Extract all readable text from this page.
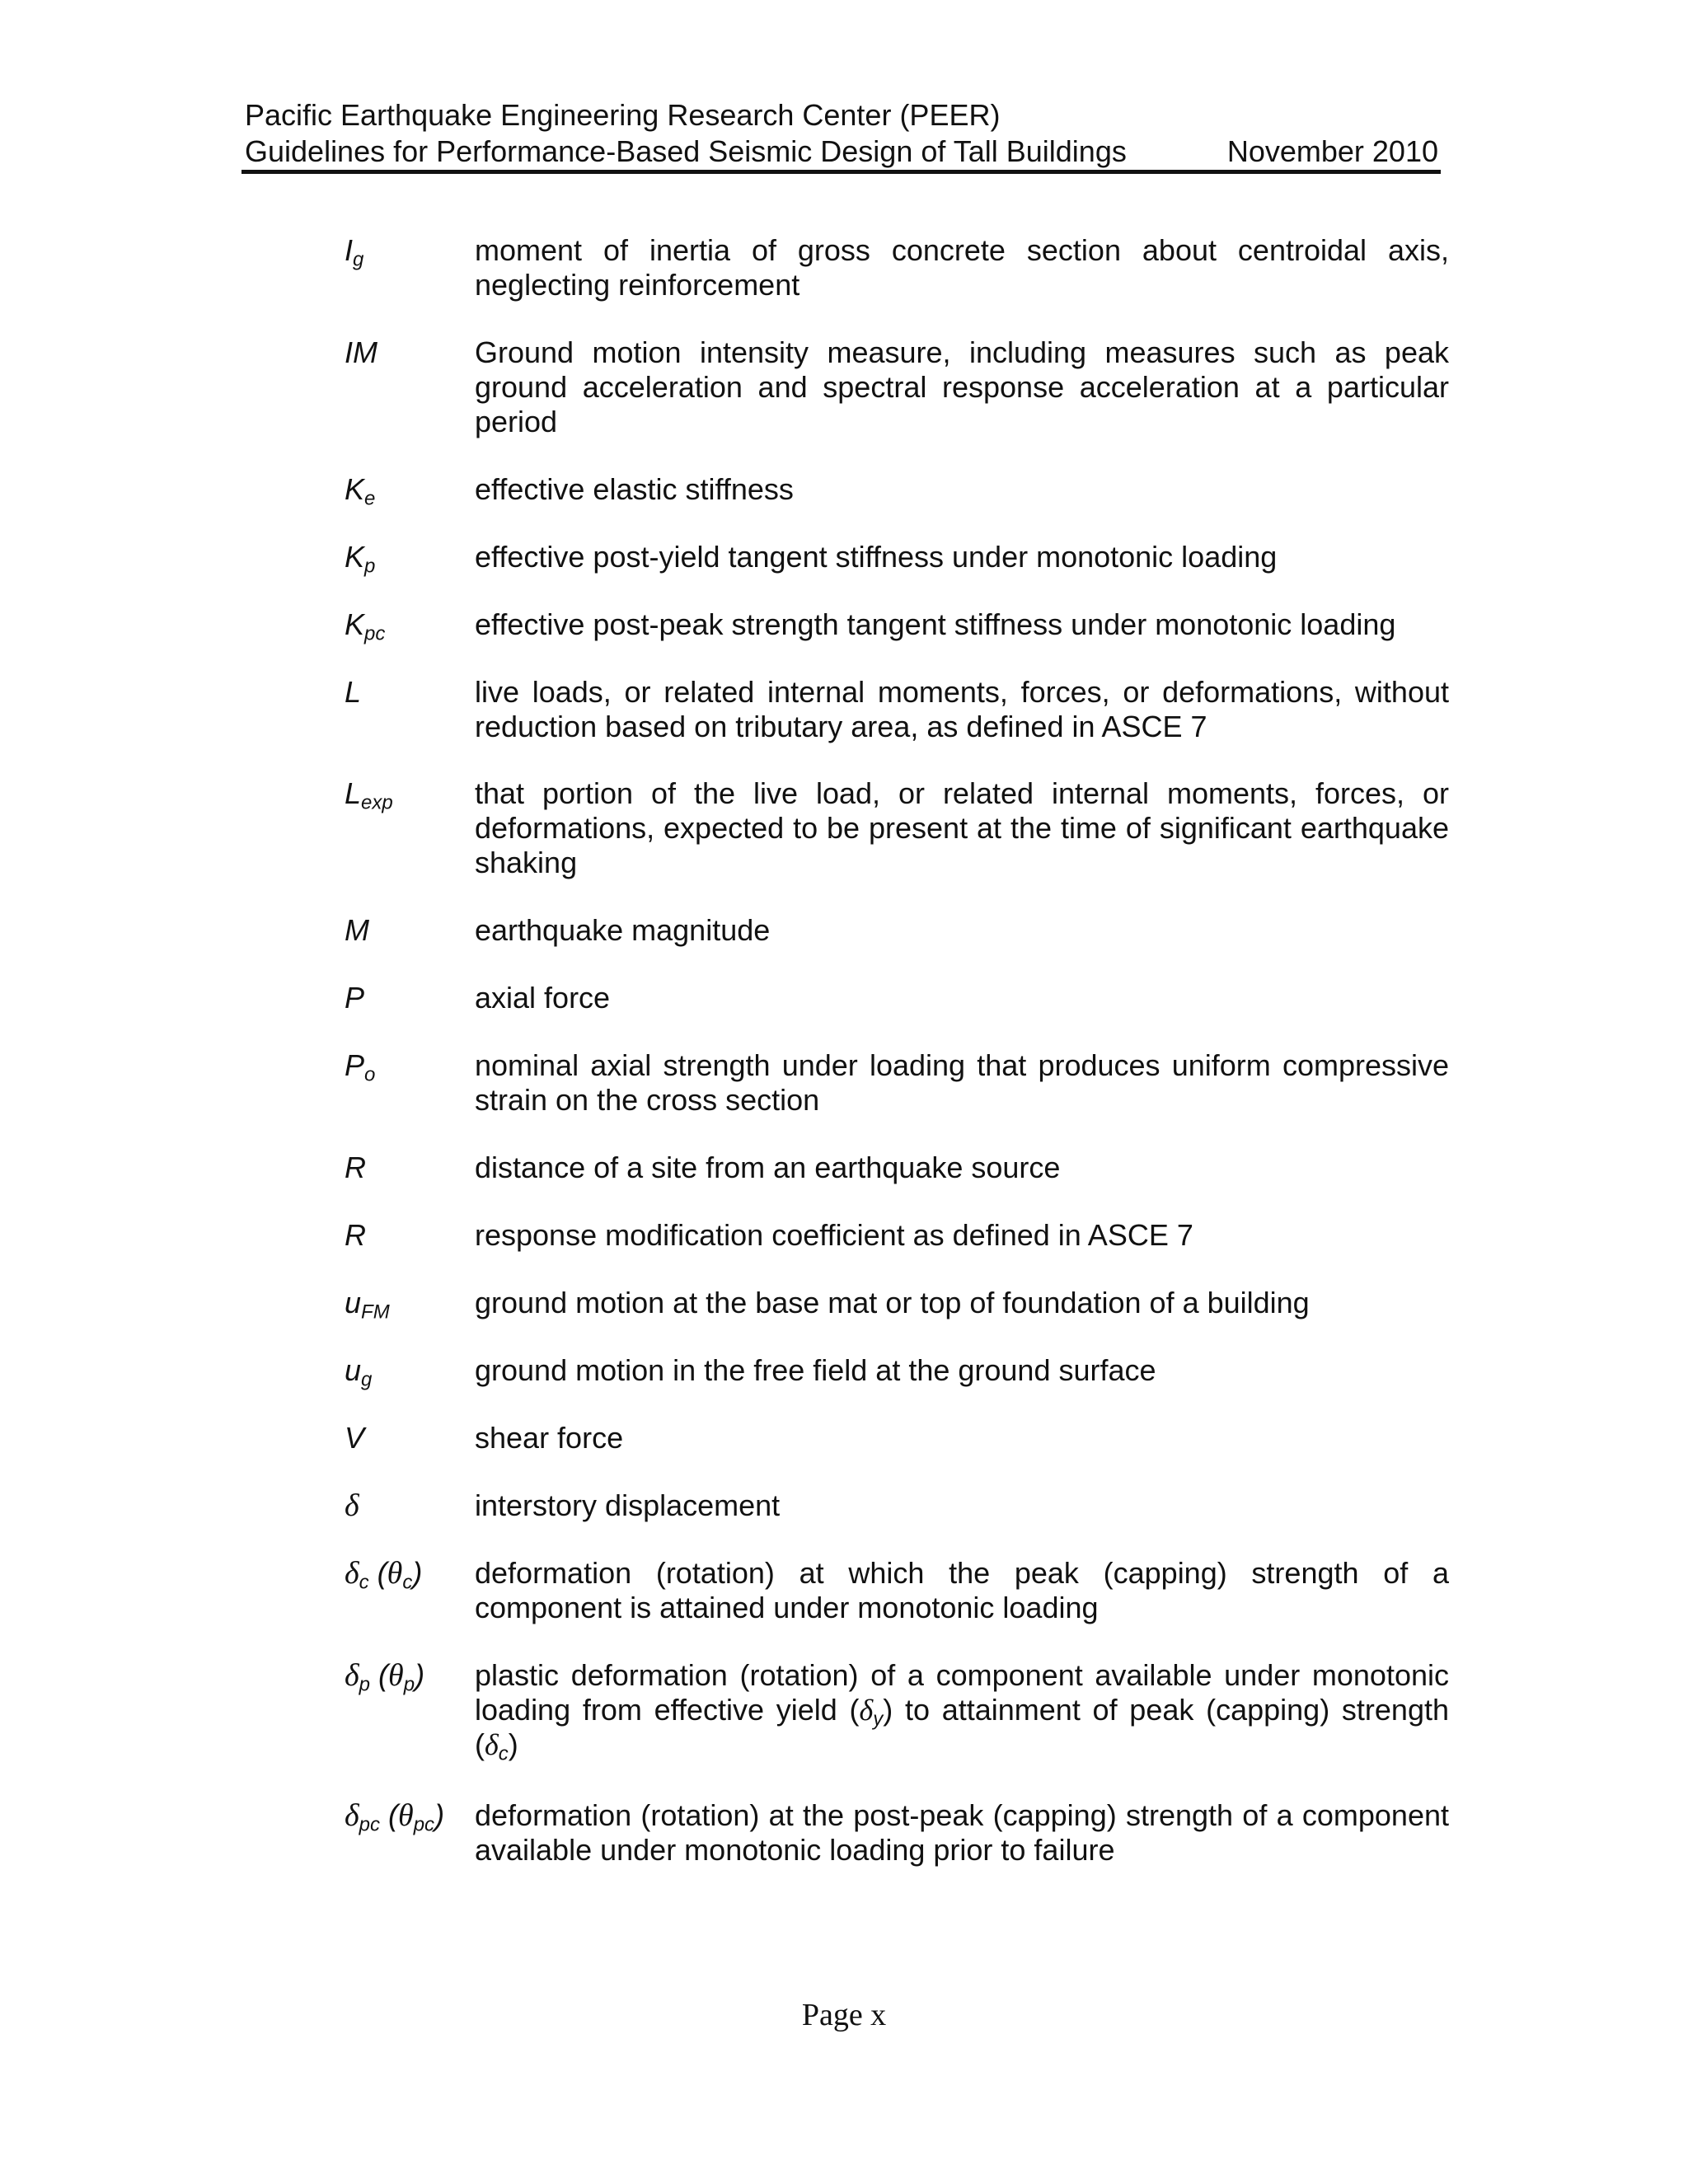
Pacific Earthquake Engineering Research Center (PEER)
Guidelines for Performance-Based Seismic Design of Tall Buildings	November 2010
$I_g$	moment of inertia of gross concrete section about centroidal axis, neglecting reinforcement
IM	Ground motion intensity measure, including measures such as peak ground acceleration and spectral response acceleration at a particular period
$K_e$	effective elastic stiffness
$K_p$	effective post-yield tangent stiffness under monotonic loading
$K_{pc}$	effective post-peak strength tangent stiffness under monotonic loading
L	live loads, or related internal moments, forces, or deformations, without reduction based on tributary area, as defined in ASCE 7
$L_{exp}$	that portion of the live load, or related internal moments, forces, or deformations, expected to be present at the time of significant earthquake shaking
M	earthquake magnitude
P	axial force
$P_o$	nominal axial strength under loading that produces uniform compressive strain on the cross section
R	distance of a site from an earthquake source
R	response modification coefficient as defined in ASCE 7
$u_{FM}$	ground motion at the base mat or top of foundation of a building
$u_g$	ground motion in the free field at the ground surface
V	shear force
δ	interstory displacement
$\delta_c$ $(\theta_c)$	deformation (rotation) at which the peak (capping) strength of a component is attained under monotonic loading
$\delta_p$ $(\theta_p)$	plastic deformation (rotation) of a component available under monotonic loading from effective yield $(\delta_y)$ to attainment of peak (capping) strength $(\delta_c)$
$\delta_{pc}$ $(\theta_{pc})$	deformation (rotation) at the post-peak (capping) strength of a component available under monotonic loading prior to failure
Page x
